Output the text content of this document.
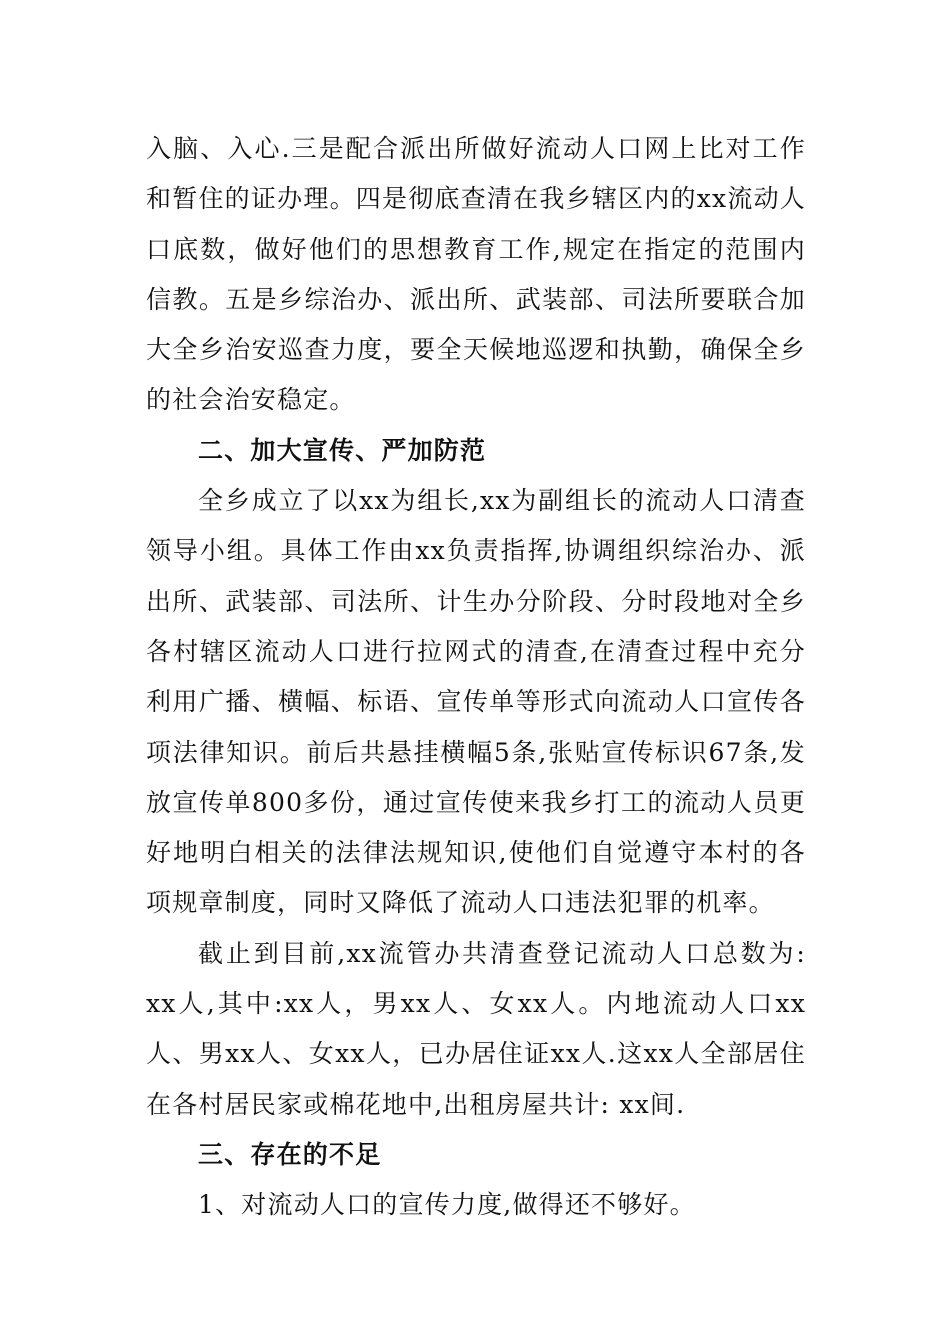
入脑、入心.三是配合派出所做好流动人口网上比对工作和暂住的证办理。四是彻底查清在我乡辖区内的xx流动人口底数，做好他们的思想教育工作,规定在指定的范围内信教。五是乡综治办、派出所、武装部、司法所要联合加大全乡治安巡查力度，要全天候地巡逻和执勤，确保全乡的社会治安稳定。

二、加大宣传、严加防范

全乡成立了以xx为组长,xx为副组长的流动人口清查领导小组。具体工作由xx负责指挥,协调组织综治办、派出所、武装部、司法所、计生办分阶段、分时段地对全乡各村辖区流动人口进行拉网式的清查,在清查过程中充分利用广播、横幅、标语、宣传单等形式向流动人口宣传各项法律知识。前后共悬挂横幅5条,张贴宣传标识67条,发放宣传单800多份，通过宣传使来我乡打工的流动人员更好地明白相关的法律法规知识,使他们自觉遵守本村的各项规章制度，同时又降低了流动人口违法犯罪的机率。

截止到目前,xx流管办共清查登记流动人口总数为: xx人,其中:xx人，男xx人、女xx人。内地流动人口xx人、男xx人、女xx人，已办居住证xx人.这xx人全部居住在各村居民家或棉花地中,出租房屋共计: xx间.

三、存在的不足

1、对流动人口的宣传力度,做得还不够好。
